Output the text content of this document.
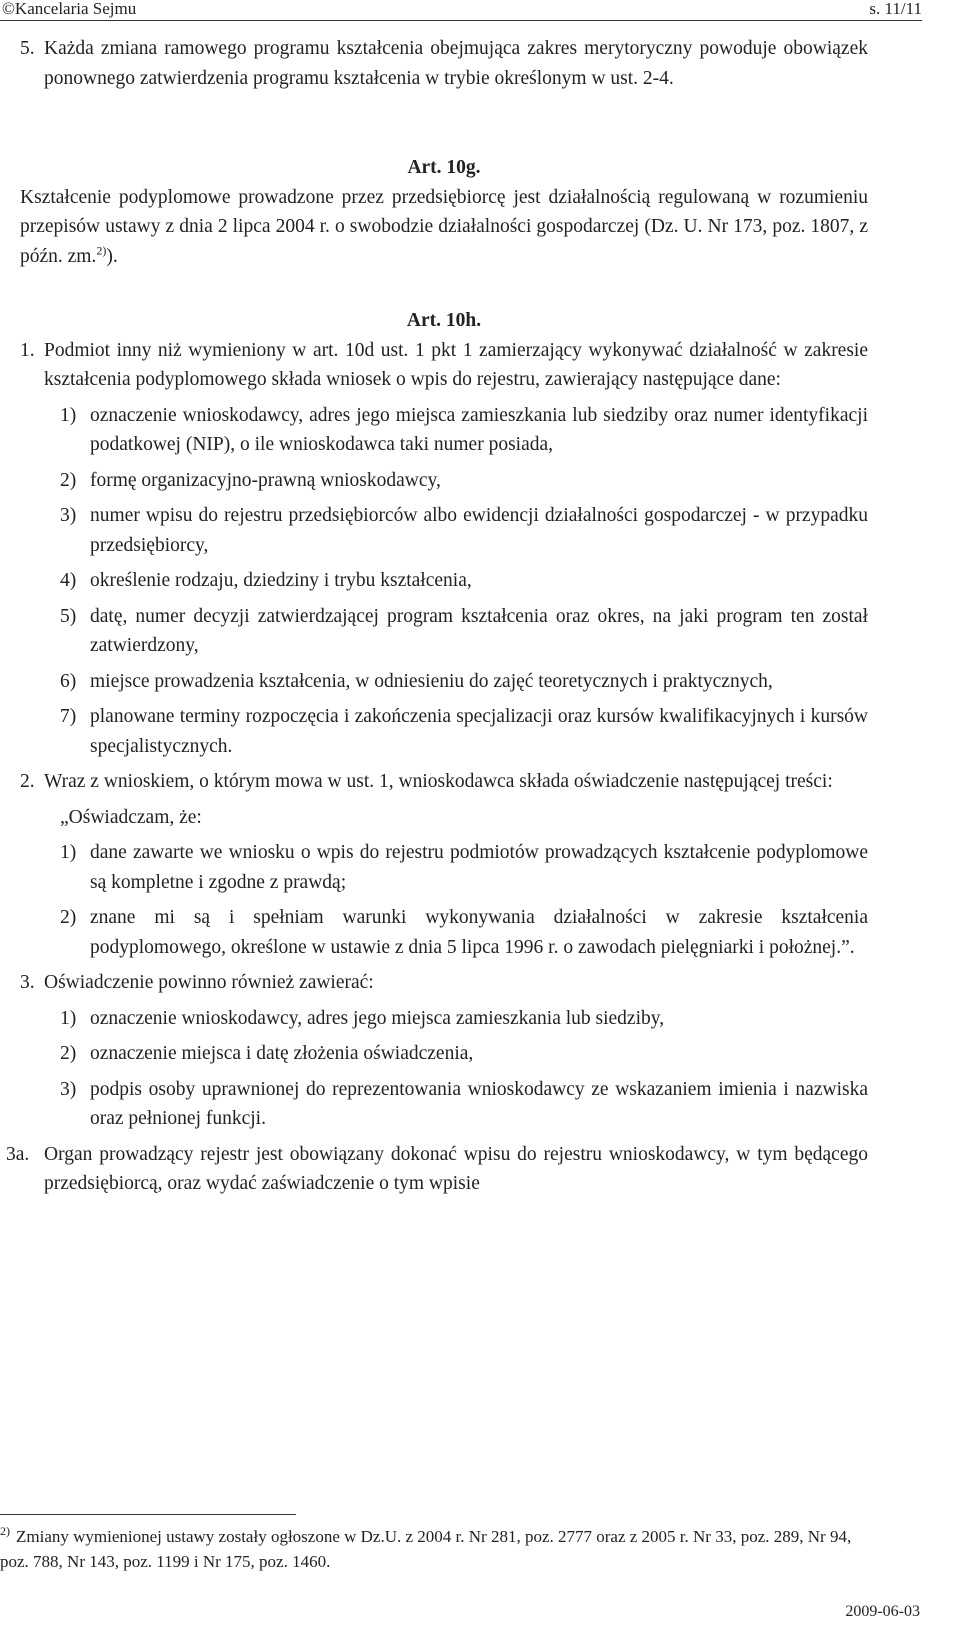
©Kancelaria Sejmu	s. 11/11
5. Każda zmiana ramowego programu kształcenia obejmująca zakres merytoryczny powoduje obowiązek ponownego zatwierdzenia programu kształcenia w trybie określonym w ust. 2-4.

Art. 10g.

Kształcenie podyplomowe prowadzone przez przedsiębiorcę jest działalnością regulowaną w rozumieniu przepisów ustawy z dnia 2 lipca 2004 r. o swobodzie działalności gospodarczej (Dz. U. Nr 173, poz. 1807, z późn. zm.$^{2)}$).

Art. 10h.

1. Podmiot inny niż wymieniony w art. 10d ust. 1 pkt 1 zamierzający wykonywać działalność w zakresie kształcenia podyplomowego składa wniosek o wpis do rejestru, zawierający następujące dane:
1) oznaczenie wnioskodawcy, adres jego miejsca zamieszkania lub siedziby oraz numer identyfikacji podatkowej (NIP), o ile wnioskodawca taki numer posiada,
2) formę organizacyjno-prawną wnioskodawcy,
3) numer wpisu do rejestru przedsiębiorców albo ewidencji działalności gospodarczej - w przypadku przedsiębiorcy,
4) określenie rodzaju, dziedziny i trybu kształcenia,
5) datę, numer decyzji zatwierdzającej program kształcenia oraz okres, na jaki program ten został zatwierdzony,
6) miejsce prowadzenia kształcenia, w odniesieniu do zajęć teoretycznych i praktycznych,
7) planowane terminy rozpoczęcia i zakończenia specjalizacji oraz kursów kwalifikacyjnych i kursów specjalistycznych.
2. Wraz z wnioskiem, o którym mowa w ust. 1, wnioskodawca składa oświadczenie następującej treści:

„Oświadczam, że:

1) dane zawarte we wniosku o wpis do rejestru podmiotów prowadzących kształcenie podyplomowe są kompletne i zgodne z prawdą;
2) znane mi są i spełniam warunki wykonywania działalności w zakresie kształcenia podyplomowego, określone w ustawie z dnia 5 lipca 1996 r. o zawodach pielęgniarki i położnej.”.
3. Oświadczenie powinno również zawierać:
1) oznaczenie wnioskodawcy, adres jego miejsca zamieszkania lub siedziby,
2) oznaczenie miejsca i datę złożenia oświadczenia,
3) podpis osoby uprawnionej do reprezentowania wnioskodawcy ze wskazaniem imienia i nazwiska oraz pełnionej funkcji.
3a. Organ prowadzący rejestr jest obowiązany dokonać wpisu do rejestru wnioskodawcy, w tym będącego przedsiębiorcą, oraz wydać zaświadczenie o tym wpisie
$^{2)}$ Zmiany wymienionej ustawy zostały ogłoszone w Dz.U. z 2004 r. Nr 281, poz. 2777 oraz z 2005 r. Nr 33, poz. 289, Nr 94, poz. 788, Nr 143, poz. 1199 i Nr 175, poz. 1460.
2009-06-03
